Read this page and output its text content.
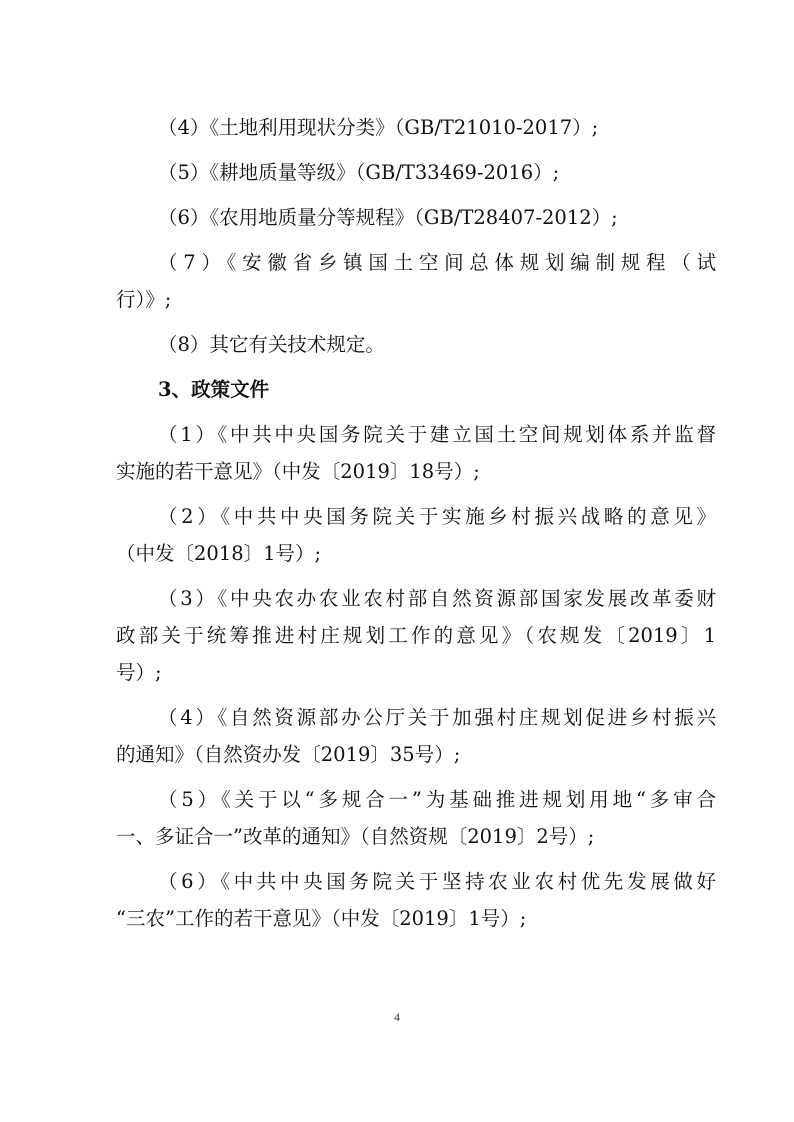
（4）《土地利用现状分类》（GB/T21010-2017）;
（5）《耕地质量等级》（GB/T33469-2016）;
（6）《农用地质量分等规程》（GB/T28407-2012）;
（7）《安徽省乡镇国土空间总体规划编制规程（试
行）》;
（8）其它有关技术规定。
3、政策文件
（1）《中共中央国务院关于建立国土空间规划体系并监督
实施的若干意见》（中发〔2019〕18号）;
（2）《中共中央国务院关于实施乡村振兴战略的意见》
（中发〔2018〕1号）;
（3）《中央农办农业农村部自然资源部国家发展改革委财
政部关于统筹推进村庄规划工作的意见》（农规发〔2019〕1
号）;
（4）《自然资源部办公厅关于加强村庄规划促进乡村振兴
的通知》（自然资办发〔2019〕35号）;
（5）《关于以“多规合一”为基础推进规划用地“多审合
一、多证合一”改革的通知》（自然资规〔2019〕2号）;
（6）《中共中央国务院关于坚持农业农村优先发展做好
“三农”工作的若干意见》（中发〔2019〕1号）;
4
